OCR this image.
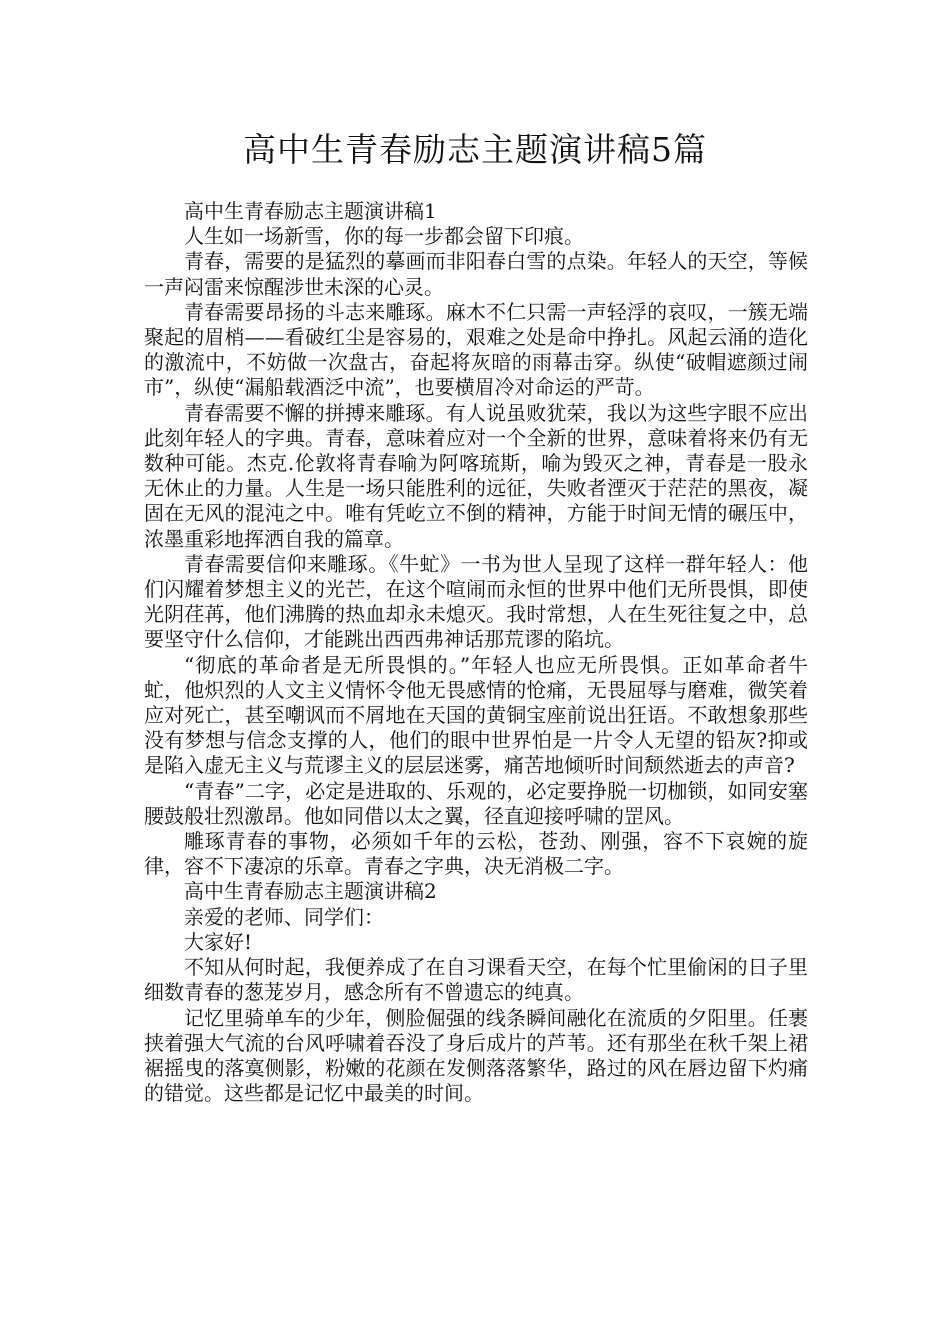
高中生青春励志主题演讲稿5篇

高中生青春励志主题演讲稿1

人生如一场新雪，你的每一步都会留下印痕。

青春，需要的是猛烈的摹画而非阳春白雪的点染。年轻人的天空，等候一声闷雷来惊醒涉世未深的心灵。

青春需要昂扬的斗志来雕琢。麻木不仁只需一声轻浮的哀叹，一簇无端聚起的眉梢——看破红尘是容易的，艰难之处是命中挣扎。风起云涌的造化的激流中，不妨做一次盘古，奋起将灰暗的雨幕击穿。纵使“破帽遮颜过闹市”，纵使“漏船载酒泛中流”，也要横眉冷对命运的严苛。

青春需要不懈的拼搏来雕琢。有人说虽败犹荣，我以为这些字眼不应出此刻年轻人的字典。青春，意味着应对一个全新的世界，意味着将来仍有无数种可能。杰克.伦敦将青春喻为阿喀琉斯，喻为毁灭之神，青春是一股永无休止的力量。人生是一场只能胜利的远征，失败者湮灭于茫茫的黑夜，凝固在无风的混沌之中。唯有凭屹立不倒的精神，方能于时间无情的碾压中，浓墨重彩地挥洒自我的篇章。

青春需要信仰来雕琢。《牛虻》一书为世人呈现了这样一群年轻人：他们闪耀着梦想主义的光芒，在这个喧闹而永恒的世界中他们无所畏惧，即使光阴荏苒，他们沸腾的热血却永未熄灭。我时常想，人在生死往复之中，总要坚守什么信仰，才能跳出西西弗神话那荒谬的陷坑。

“彻底的革命者是无所畏惧的。”年轻人也应无所畏惧。正如革命者牛虻，他炽烈的人文主义情怀令他无畏感情的怆痛，无畏屈辱与磨难，微笑着应对死亡，甚至嘲讽而不屑地在天国的黄铜宝座前说出狂语。不敢想象那些没有梦想与信念支撑的人，他们的眼中世界怕是一片令人无望的铅灰?抑或是陷入虚无主义与荒谬主义的层层迷雾，痛苦地倾听时间颓然逝去的声音?

“青春”二字，必定是进取的、乐观的，必定要挣脱一切枷锁，如同安塞腰鼓般壮烈激昂。他如同借以太之翼，径直迎接呼啸的罡风。

雕琢青春的事物，必须如千年的云松，苍劲、刚强，容不下哀婉的旋律，容不下凄凉的乐章。青春之字典，决无消极二字。

高中生青春励志主题演讲稿2

亲爱的老师、同学们：

大家好!

不知从何时起，我便养成了在自习课看天空，在每个忙里偷闲的日子里细数青春的葱茏岁月，感念所有不曾遗忘的纯真。

记忆里骑单车的少年，侧脸倔强的线条瞬间融化在流质的夕阳里。任裹挟着强大气流的台风呼啸着吞没了身后成片的芦苇。还有那坐在秋千架上裙裾摇曳的落寞侧影，粉嫩的花颜在发侧落落繁华，路过的风在唇边留下灼痛的错觉。这些都是记忆中最美的时间。
